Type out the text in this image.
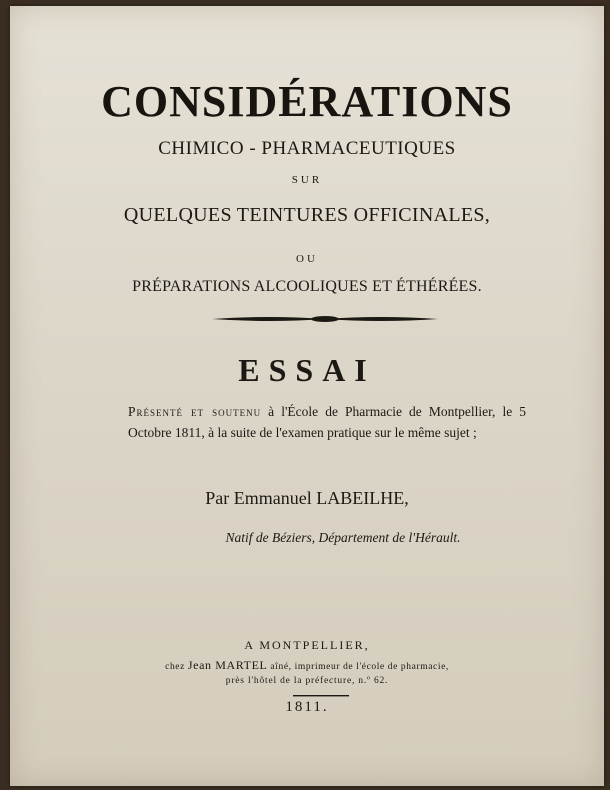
CONSIDÉRATIONS
CHIMICO - PHARMACEUTIQUES
SUR
QUELQUES TEINTURES OFFICINALES,
OU
PRÉPARATIONS ALCOOLIQUES ET ÉTHÉRÉES.
ESSAI
Présenté et soutenu à l'École de Pharmacie de Montpellier, le 5 Octobre 1811, à la suite de l'examen pratique sur le même sujet ;
Par Emmanuel LABEILHE,
Natif de Béziers, Département de l'Hérault.
A MONTPELLIER,
chez Jean MARTEL aîné, imprimeur de l'école de pharmacie,
près l'hôtel de la préfecture, n.º 62.
1811.
